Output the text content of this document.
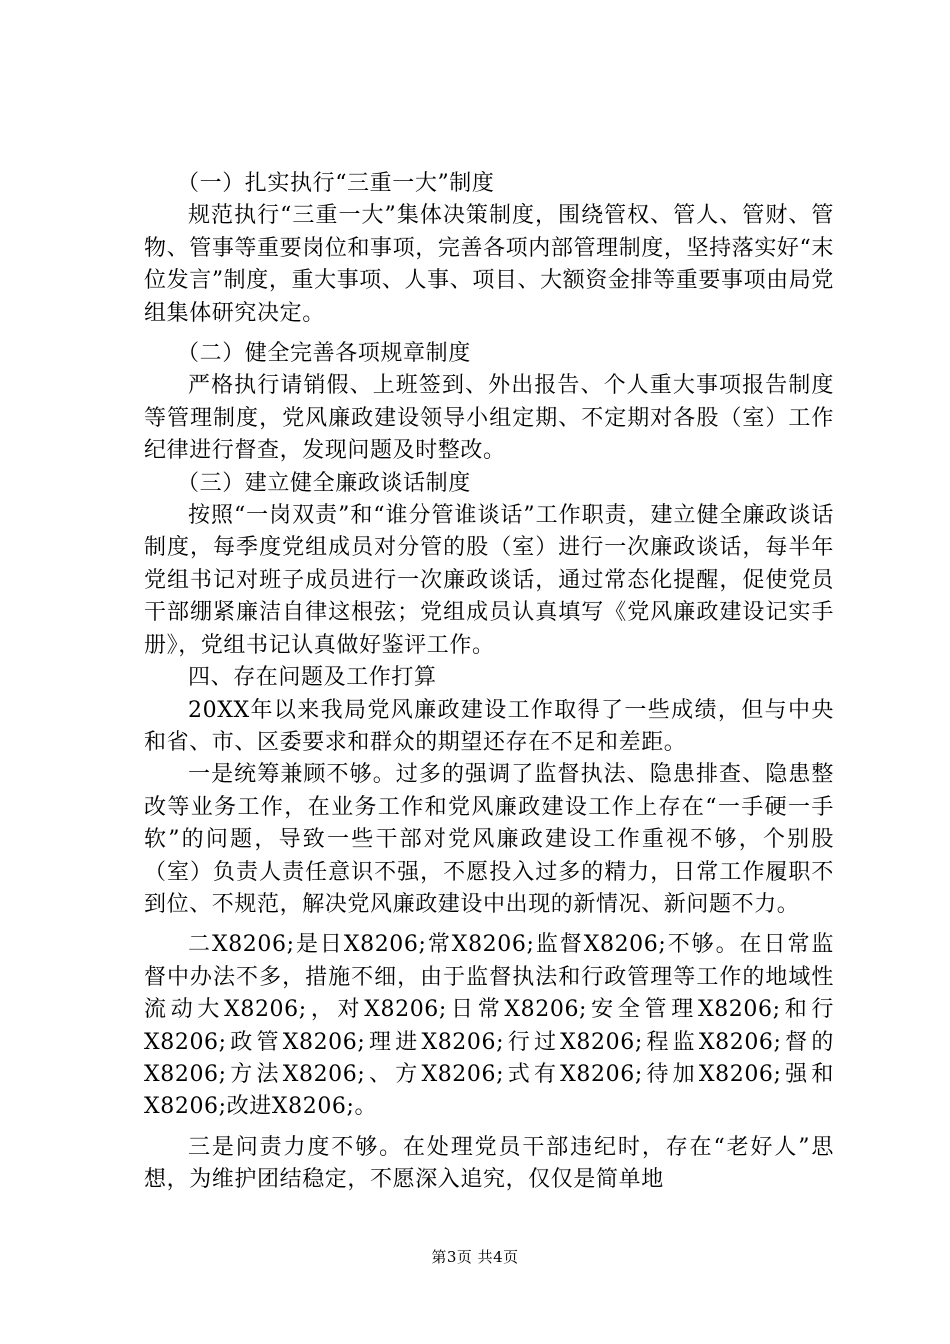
（一）扎实执行“三重一大”制度

规范执行“三重一大”集体决策制度，围绕管权、管人、管财、管物、管事等重要岗位和事项，完善各项内部管理制度，坚持落实好“末位发言”制度，重大事项、人事、项目、大额资金排等重要事项由局党组集体研究决定。

（二）健全完善各项规章制度

严格执行请销假、上班签到、外出报告、个人重大事项报告制度等管理制度，党风廉政建设领导小组定期、不定期对各股（室）工作纪律进行督查，发现问题及时整改。

（三）建立健全廉政谈话制度

按照“一岗双责”和“谁分管谁谈话”工作职责，建立健全廉政谈话制度，每季度党组成员对分管的股（室）进行一次廉政谈话，每半年党组书记对班子成员进行一次廉政谈话，通过常态化提醒，促使党员干部绷紧廉洁自律这根弦；党组成员认真填写《党风廉政建设记实手册》，党组书记认真做好鉴评工作。

四、存在问题及工作打算

20XX年以来我局党风廉政建设工作取得了一些成绩，但与中央和省、市、区委要求和群众的期望还存在不足和差距。

一是统筹兼顾不够。过多的强调了监督执法、隐患排查、隐患整改等业务工作，在业务工作和党风廉政建设工作上存在“一手硬一手软”的问题，导致一些干部对党风廉政建设工作重视不够，个别股（室）负责人责任意识不强，不愿投入过多的精力，日常工作履职不到位、不规范，解决党风廉政建设中出现的新情况、新问题不力。

二X8206;是日X8206;常X8206;监督X8206;不够。在日常监督中办法不多，措施不细，由于监督执法和行政管理等工作的地域性流动大X8206;，对X8206;日常X8206;安全管理X8206;和行X8206;政管X8206;理进X8206;行过X8206;程监X8206;督的X8206;方法X8206;、方X8206;式有X8206;待加X8206;强和X8206;改进X8206;。

三是问责力度不够。在处理党员干部违纪时，存在“老好人”思想，为维护团结稳定，不愿深入追究，仅仅是简单地

第3页 共4页
